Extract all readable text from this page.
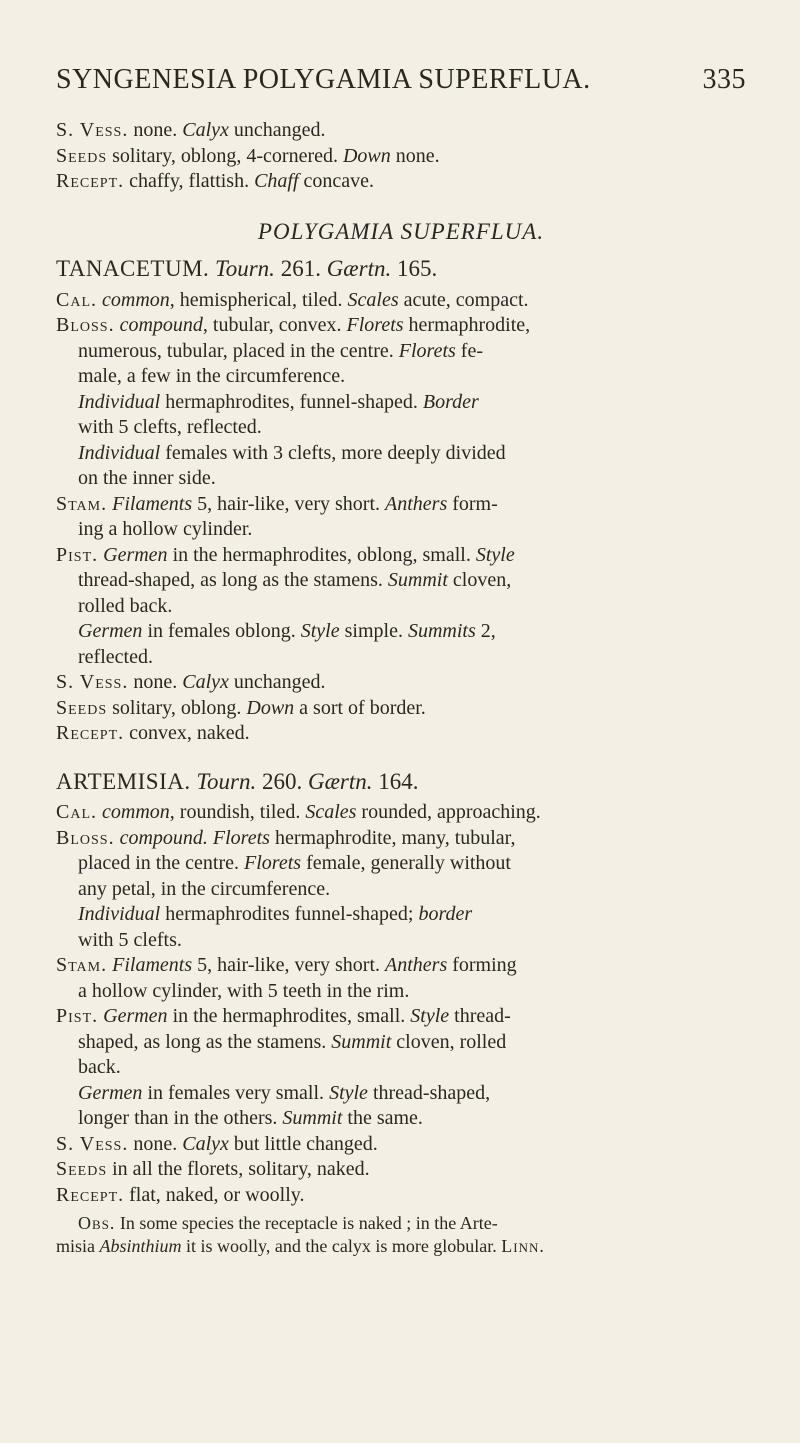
SYNGENESIA POLYGAMIA SUPERFLUA.	335
S. Vess. none. Calyx unchanged.
Seeds solitary, oblong, 4-cornered. Down none.
Recept. chaffy, flattish. Chaff concave.
POLYGAMIA SUPERFLUA.
TANACETUM. Tourn. 261. Gærtn. 165.
Cal. common, hemispherical, tiled. Scales acute, compact.
Bloss. compound, tubular, convex. Florets hermaphrodite,
numerous, tubular, placed in the centre. Florets fe-
male, a few in the circumference.
Individual hermaphrodites, funnel-shaped. Border
with 5 clefts, reflected.
Individual females with 3 clefts, more deeply divided
on the inner side.
Stam. Filaments 5, hair-like, very short. Anthers form-
ing a hollow cylinder.
Pist. Germen in the hermaphrodites, oblong, small. Style
thread-shaped, as long as the stamens. Summit cloven,
rolled back.
Germen in females oblong. Style simple. Summits 2,
reflected.
S. Vess. none. Calyx unchanged.
Seeds solitary, oblong. Down a sort of border.
Recept. convex, naked.
ARTEMISIA. Tourn. 260. Gærtn. 164.
Cal. common, roundish, tiled. Scales rounded, approaching.
Bloss. compound. Florets hermaphrodite, many, tubular,
placed in the centre. Florets female, generally without
any petal, in the circumference.
Individual hermaphrodites funnel-shaped; border
with 5 clefts.
Stam. Filaments 5, hair-like, very short. Anthers forming
a hollow cylinder, with 5 teeth in the rim.
Pist. Germen in the hermaphrodites, small. Style thread-
shaped, as long as the stamens. Summit cloven, rolled
back.
Germen in females very small. Style thread-shaped,
longer than in the others. Summit the same.
S. Vess. none. Calyx but little changed.
Seeds in all the florets, solitary, naked.
Recept. flat, naked, or woolly.
Obs. In some species the receptacle is naked ; in the Arte-
misia Absinthium it is woolly, and the calyx is more globular. Linn.
